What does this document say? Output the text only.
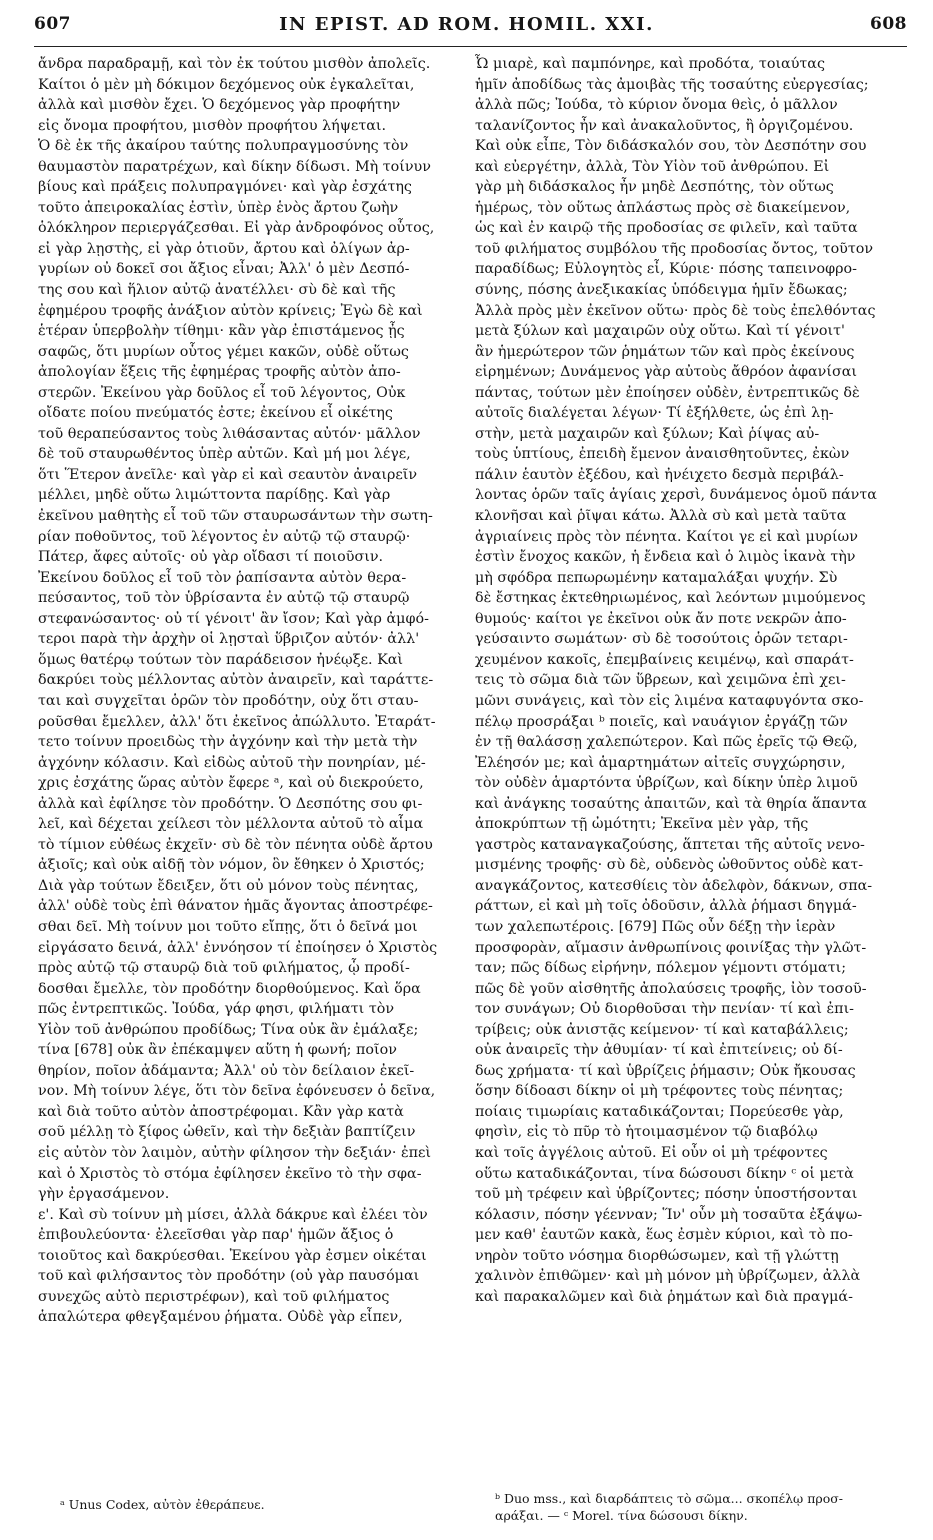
607	IN EPIST. AD ROM. HOMIL. XXI.	608
ἄνδρα παραδραμῇ, καὶ τὸν ἐκ τούτου μισθὸν ἀπολεῖς.
Καίτοι ὁ μὲν μὴ δόκιμον δεχόμενος οὐκ ἐγκαλεῖται,
ἀλλὰ καὶ μισθὸν ἔχει. Ὁ δεχόμενος γὰρ προφήτην
εἰς ὄνομα προφήτου, μισθὸν προφήτου λήψεται.
Ὁ δὲ ἐκ τῆς ἀκαίρου ταύτης πολυπραγμοσύνης τὸν
θαυμαστὸν παρατρέχων, καὶ δίκην δίδωσι. Μὴ τοίνυν
βίους καὶ πράξεις πολυπραγμόνει· καὶ γὰρ ἐσχάτης
τοῦτο ἀπειροκαλίας ἐστὶν, ὑπὲρ ἑνὸς ἄρτου ζωὴν
ὁλόκληρον περιεργάζεσθαι. Εἰ γὰρ ἀνδροφόνος οὗτος,
εἰ γὰρ λῃστὴς, εἰ γὰρ ὁτιοῦν, ἄρτου καὶ ὀλίγων ἀρ-
γυρίων οὐ δοκεῖ σοι ἄξιος εἶναι; Ἀλλ' ὁ μὲν Δεσπό-
της σου καὶ ἥλιον αὐτῷ ἀνατέλλει· σὺ δὲ καὶ τῆς
ἐφημέρου τροφῆς ἀνάξιον αὐτὸν κρίνεις; Ἐγὼ δὲ καὶ
ἑτέραν ὑπερβολὴν τίθημι· κἂν γὰρ ἐπιστάμενος ᾖς
σαφῶς, ὅτι μυρίων οὗτος γέμει κακῶν, οὐδὲ οὕτως
ἀπολογίαν ἕξεις τῆς ἐφημέρας τροφῆς αὐτὸν ἀπο-
στερῶν. Ἐκείνου γὰρ δοῦλος εἶ τοῦ λέγοντος, Οὐκ
οἴδατε ποίου πνεύματός ἐστε; ἐκείνου εἶ οἰκέτης
τοῦ θεραπεύσαντος τοὺς λιθάσαντας αὐτόν· μᾶλλον
δὲ τοῦ σταυρωθέντος ὑπὲρ αὐτῶν. Καὶ μή μοι λέγε,
ὅτι Ἕτερον ἀνεῖλε· καὶ γὰρ εἰ καὶ σεαυτὸν ἀναιρεῖν
μέλλει, μηδὲ οὕτω λιμώττοντα παρίδῃς. Καὶ γὰρ
ἐκεῖνου μαθητὴς εἶ τοῦ τῶν σταυρωσάντων τὴν σωτη-
ρίαν ποθοῦντος, τοῦ λέγοντος ἐν αὐτῷ τῷ σταυρῷ·
Πάτερ, ἄφες αὐτοῖς· οὐ γὰρ οἴδασι τί ποιοῦσιν.
Ἐκείνου δοῦλος εἶ τοῦ τὸν ῥαπίσαντα αὐτὸν θερα-
πεύσαντος, τοῦ τὸν ὑβρίσαντα ἐν αὐτῷ τῷ σταυρῷ
στεφανώσαντος· οὐ τί γένοιτ' ἂν ἴσον; Καὶ γὰρ ἀμφό-
τεροι παρὰ τὴν ἀρχὴν οἱ λῃσταὶ ὕβριζον αὐτόν· ἀλλ'
ὅμως θατέρῳ τούτων τὸν παράδεισον ἠνέῳξε. Καὶ
δακρύει τοὺς μέλλοντας αὐτὸν ἀναιρεῖν, καὶ ταράττε-
ται καὶ συγχεῖται ὁρῶν τὸν προδότην, οὐχ ὅτι σταυ-
ροῦσθαι ἔμελλεν, ἀλλ' ὅτι ἐκεῖνος ἀπώλλυτο. Ἐταράτ-
τετο τοίνυν προειδὼς τὴν ἀγχόνην καὶ τὴν μετὰ τὴν
ἀγχόνην κόλασιν. Καὶ εἰδὼς αὐτοῦ τὴν πονηρίαν, μέ-
χρις ἐσχάτης ὥρας αὐτὸν ἔφερε ᵃ, καὶ οὐ διεκρούετο,
ἀλλὰ καὶ ἐφίλησε τὸν προδότην. Ὁ Δεσπότης σου φι-
λεῖ, καὶ δέχεται χείλεσι τὸν μέλλοντα αὐτοῦ τὸ αἷμα
τὸ τίμιον εὐθέως ἐκχεῖν· σὺ δὲ τὸν πένητα οὐδὲ ἄρτου
ἀξιοῖς; καὶ οὐκ αἰδῇ τὸν νόμον, ὃν ἔθηκεν ὁ Χριστός;
Διὰ γὰρ τούτων ἔδειξεν, ὅτι οὐ μόνον τοὺς πένητας,
ἀλλ' οὐδὲ τοὺς ἐπὶ θάνατον ἡμᾶς ἄγοντας ἀποστρέφε-
σθαι δεῖ. Μὴ τοίνυν μοι τοῦτο εἴπῃς, ὅτι ὁ δεῖνά μοι
εἰργάσατο δεινά, ἀλλ' ἐννόησον τί ἐποίησεν ὁ Χριστὸς
πρὸς αὐτῷ τῷ σταυρῷ διὰ τοῦ φιλήματος, ᾧ προδί-
δοσθαι ἔμελλε, τὸν προδότην διορθούμενος. Καὶ ὅρα
πῶς ἐντρεπτικῶς. Ἰούδα, γάρ φησι, φιλήματι τὸν
Υἱὸν τοῦ ἀνθρώπου προδίδως; Τίνα οὐκ ἂν ἐμάλαξε;
τίνα [678] οὐκ ἂν ἐπέκαμψεν αὕτη ἡ φωνή; ποῖον
θηρίον, ποῖον ἀδάμαντα; Ἀλλ' οὐ τὸν δείλαιον ἐκεῖ-
νον. Μὴ τοίνυν λέγε, ὅτι τὸν δεῖνα ἐφόνευσεν ὁ δεῖνα,
καὶ διὰ τοῦτο αὐτὸν ἀποστρέφομαι. Κἂν γὰρ κατὰ
σοῦ μέλλῃ τὸ ξίφος ὠθεῖν, καὶ τὴν δεξιὰν βαπτίζειν
εἰς αὐτὸν τὸν λαιμὸν, αὐτὴν φίλησον τὴν δεξιάν· ἐπεὶ
καὶ ὁ Χριστὸς τὸ στόμα ἐφίλησεν ἐκεῖνο τὸ τὴν σφα-
γὴν ἐργασάμενον.
ε'. Καὶ σὺ τοίνυν μὴ μίσει, ἀλλὰ δάκρυε καὶ ἐλέει τὸν
ἐπιβουλεύοντα· ἐλεεῖσθαι γὰρ παρ' ἡμῶν ἄξιος ὁ
τοιοῦτος καὶ δακρύεσθαι. Ἐκείνου γὰρ ἐσμεν οἰκέται
τοῦ καὶ φιλήσαντος τὸν προδότην (οὐ γὰρ παυσόμαι
συνεχῶς αὐτὸ περιστρέφων), καὶ τοῦ φιλήματος
ἁπαλώτερα φθεγξαμένου ῥήματα. Οὐδὲ γὰρ εἶπεν,
Ὦ μιαρὲ, καὶ παμπόνηρε, καὶ προδότα, τοιαύτας
ἡμῖν ἀποδίδως τὰς ἀμοιβὰς τῆς τοσαύτης εὐεργεσίας;
ἀλλὰ πῶς; Ἰούδα, τὸ κύριον ὄνομα θεὶς, ὁ μᾶλλον
ταλανίζοντος ἦν καὶ ἀνακαλοῦντος, ἢ ὀργιζομένου.
Καὶ οὐκ εἶπε, Τὸν διδάσκαλόν σου, τὸν Δεσπότην σου
καὶ εὐεργέτην, ἀλλὰ, Τὸν Υἱὸν τοῦ ἀνθρώπου. Εἰ
γὰρ μὴ διδάσκαλος ἦν μηδὲ Δεσπότης, τὸν οὕτως
ἡμέρως, τὸν οὕτως ἀπλάστως πρὸς σὲ διακείμενον,
ὡς καὶ ἐν καιρῷ τῆς προδοσίας σε φιλεῖν, καὶ ταῦτα
τοῦ φιλήματος συμβόλου τῆς προδοσίας ὄντος, τοῦτον
παραδίδως; Εὐλογητὸς εἶ, Κύριε· πόσης ταπεινοφρο-
σύνης, πόσης ἀνεξικακίας ὑπόδειγμα ἡμῖν ἔδωκας;
Ἀλλὰ πρὸς μὲν ἐκεῖνον οὕτω· πρὸς δὲ τοὺς ἐπελθόντας
μετὰ ξύλων καὶ μαχαιρῶν οὐχ οὕτω. Καὶ τί γένοιτ'
ἂν ἡμερώτερον τῶν ῥημάτων τῶν καὶ πρὸς ἐκείνους
εἰρημένων; Δυνάμενος γὰρ αὐτοὺς ἄθρόον ἀφανίσαι
πάντας, τούτων μὲν ἐποίησεν οὐδὲν, ἐντρεπτικῶς δὲ
αὐτοῖς διαλέγεται λέγων· Τί ἐξήλθετε, ὡς ἐπὶ λῃ-
στὴν, μετὰ μαχαιρῶν καὶ ξύλων; Καὶ ῥίψας αὐ-
τοὺς ὑπτίους, ἐπειδὴ ἔμενον ἀναισθητοῦντες, ἐκὼν
πάλιν ἑαυτὸν ἐξέδου, καὶ ἠνέιχετο δεσμὰ περιβάλ-
λοντας ὁρῶν ταῖς ἁγίαις χερσὶ, δυνάμενος ὁμοῦ πάντα
κλονῆσαι καὶ ῥῖψαι κάτω. Ἀλλὰ σὺ καὶ μετὰ ταῦτα
ἀγριαίνεις πρὸς τὸν πένητα. Καίτοι γε εἰ καὶ μυρίων
ἐστὶν ἔνοχος κακῶν, ἡ ἔνδεια καὶ ὁ λιμὸς ἱκανὰ τὴν
μὴ σφόδρα πεπωρωμένην καταμαλάξαι ψυχήν. Σὺ
δὲ ἔστηκας ἐκτεθηριωμένος, καὶ λεόντων μιμούμενος
θυμούς· καίτοι γε ἐκεῖνοι οὐκ ἄν ποτε νεκρῶν ἀπο-
γεύσαιντο σωμάτων· σὺ δὲ τοσούτοις ὁρῶν τεταρι-
χευμένον κακοῖς, ἐπεμβαίνεις κειμένῳ, καὶ σπαράτ-
τεις τὸ σῶμα διὰ τῶν ὕβρεων, καὶ χειμῶνα ἐπὶ χει-
μῶνι συνάγεις, καὶ τὸν εἰς λιμένα καταφυγόντα σκο-
πέλῳ προσράξαι ᵇ ποιεῖς, καὶ ναυάγιον ἐργάζῃ τῶν
ἐν τῇ θαλάσσῃ χαλεπώτερον. Καὶ πῶς ἐρεῖς τῷ Θεῷ,
Ἐλέησόν με; καὶ ἁμαρτημάτων αἰτεῖς συγχώρησιν,
τὸν οὐδὲν ἁμαρτόντα ὑβρίζων, καὶ δίκην ὑπὲρ λιμοῦ
καὶ ἀνάγκης τοσαύτης ἀπαιτῶν, καὶ τὰ θηρία ἅπαντα
ἀποκρύπτων τῇ ὠμότητι; Ἐκεῖνα μὲν γὰρ, τῆς
γαστρὸς καταναγκαζούσης, ἅπτεται τῆς αὐτοῖς νενο-
μισμένης τροφῆς· σὺ δὲ, οὐδενὸς ὠθοῦντος οὐδὲ κατ-
αναγκάζοντος, κατεσθίεις τὸν ἀδελφὸν, δάκνων, σπα-
ράττων, εἰ καὶ μὴ τοῖς ὀδοῦσιν, ἀλλὰ ῥήμασι δηγμά-
των χαλεπωτέροις. [679] Πῶς οὖν δέξῃ τὴν ἱερὰν
προσφορὰν, αἵμασιν ἀνθρωπίνοις φοινίξας τὴν γλῶτ-
ταν; πῶς δίδως εἰρήνην, πόλεμον γέμοντι στόματι;
πῶς δὲ γοῦν αἰσθητῆς ἀπολαύσεις τροφῆς, ἰὸν τοσοῦ-
τον συνάγων; Οὐ διορθοῦσαι τὴν πενίαν· τί καὶ ἐπι-
τρίβεις; οὐκ ἀνιστᾷς κείμενον· τί καὶ καταβάλλεις;
οὐκ ἀναιρεῖς τὴν ἀθυμίαν· τί καὶ ἐπιτείνεις; οὐ δί-
δως χρήματα· τί καὶ ὑβρίζεις ῥήμασιν; Οὐκ ἤκουσας
ὅσην δίδοασι δίκην οἱ μὴ τρέφοντες τοὺς πένητας;
ποίαις τιμωρίαις καταδικάζονται; Πορεύεσθε γὰρ,
φησὶν, εἰς τὸ πῦρ τὸ ἡτοιμασμένον τῷ διαβόλῳ
καὶ τοῖς ἀγγέλοις αὐτοῦ. Εἰ οὖν οἱ μὴ τρέφοντες
οὕτω καταδικάζονται, τίνα δώσουσι δίκην ᶜ οἱ μετὰ
τοῦ μὴ τρέφειν καὶ ὑβρίζοντες; πόσην ὑποστήσονται
κόλασιν, πόσην γέενναν; Ἵν' οὖν μὴ τοσαῦτα ἐξάψω-
μεν καθ' ἑαυτῶν κακὰ, ἕως ἐσμὲν κύριοι, καὶ τὸ πο-
νηρὸν τοῦτο νόσημα διορθώσωμεν, καὶ τῇ γλώττῃ
χαλινὸν ἐπιθῶμεν· καὶ μὴ μόνον μὴ ὑβρίζωμεν, ἀλλὰ
καὶ παρακαλῶμεν καὶ διὰ ῥημάτων καὶ διὰ πραγμά-
ᵃ Unus Codex, αὐτὸν ἐθεράπευε.	ᵇ Duo mss., καὶ διαρδάπτεις τὸ σῶμα... σκοπέλῳ προσ-
αράξαι. — ᶜ Morel. τίνα δώσουσι δίκην.
